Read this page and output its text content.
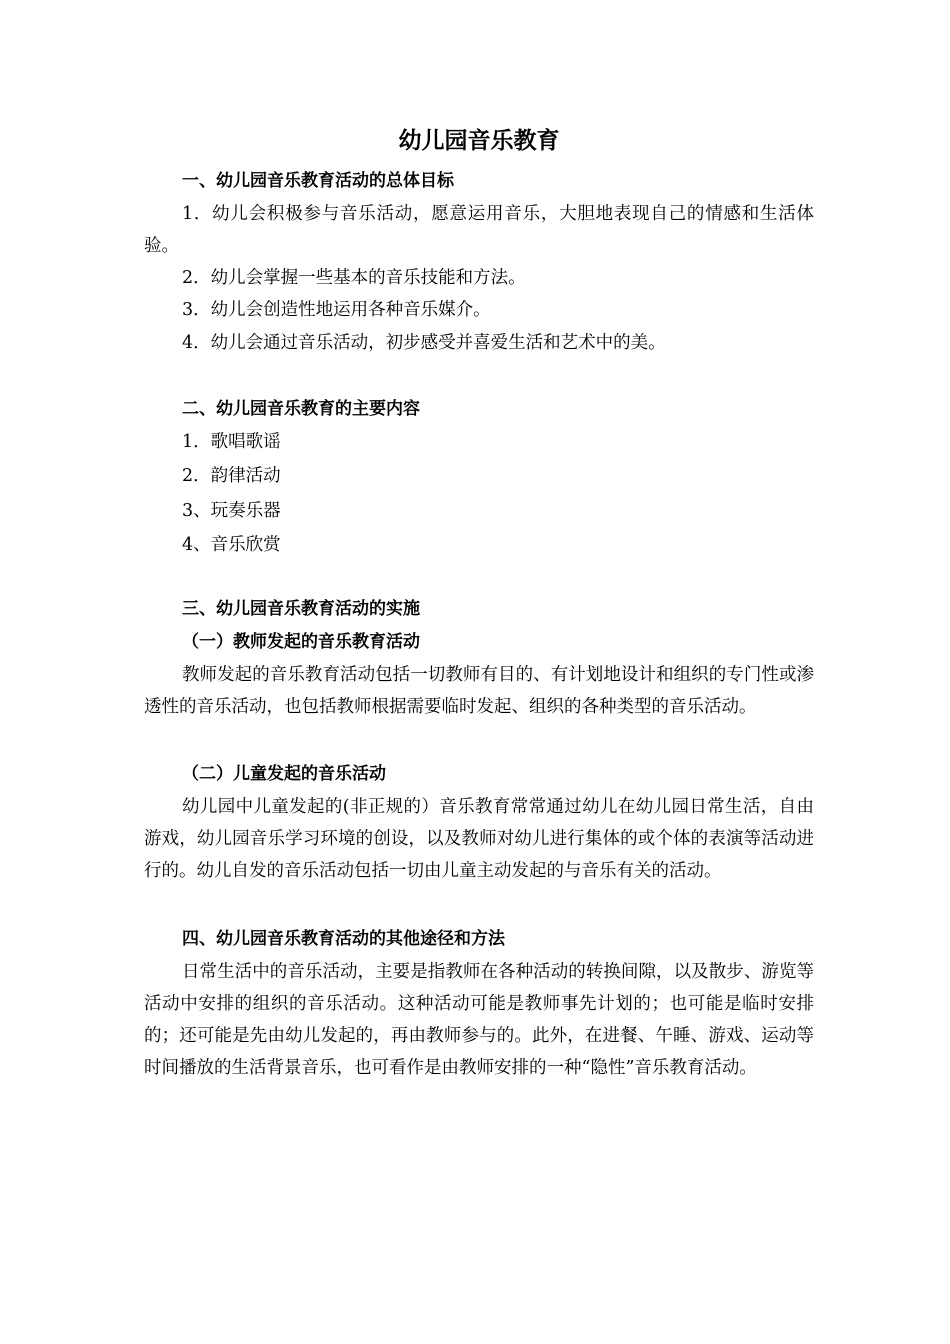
幼儿园音乐教育

一、幼儿园音乐教育活动的总体目标

1．幼儿会积极参与音乐活动，愿意运用音乐，大胆地表现自己的情感和生活体验。

2．幼儿会掌握一些基本的音乐技能和方法。

3．幼儿会创造性地运用各种音乐媒介。

4．幼儿会通过音乐活动，初步感受并喜爱生活和艺术中的美。

二、幼儿园音乐教育的主要内容

1．歌唱歌谣

2．韵律活动

3、玩奏乐器

4、音乐欣赏

三、幼儿园音乐教育活动的实施

（一）教师发起的音乐教育活动

教师发起的音乐教育活动包括一切教师有目的、有计划地设计和组织的专门性或渗透性的音乐活动，也包括教师根据需要临时发起、组织的各种类型的音乐活动。

（二）儿童发起的音乐活动

幼儿园中儿童发起的(非正规的）音乐教育常常通过幼儿在幼儿园日常生活，自由游戏，幼儿园音乐学习环境的创设，以及教师对幼儿进行集体的或个体的表演等活动进行的。幼儿自发的音乐活动包括一切由儿童主动发起的与音乐有关的活动。

四、幼儿园音乐教育活动的其他途径和方法

日常生活中的音乐活动，主要是指教师在各种活动的转换间隙，以及散步、游览等活动中安排的组织的音乐活动。这种活动可能是教师事先计划的；也可能是临时安排的；还可能是先由幼儿发起的，再由教师参与的。此外，在进餐、午睡、游戏、运动等时间播放的生活背景音乐，也可看作是由教师安排的一种“隐性”音乐教育活动。
